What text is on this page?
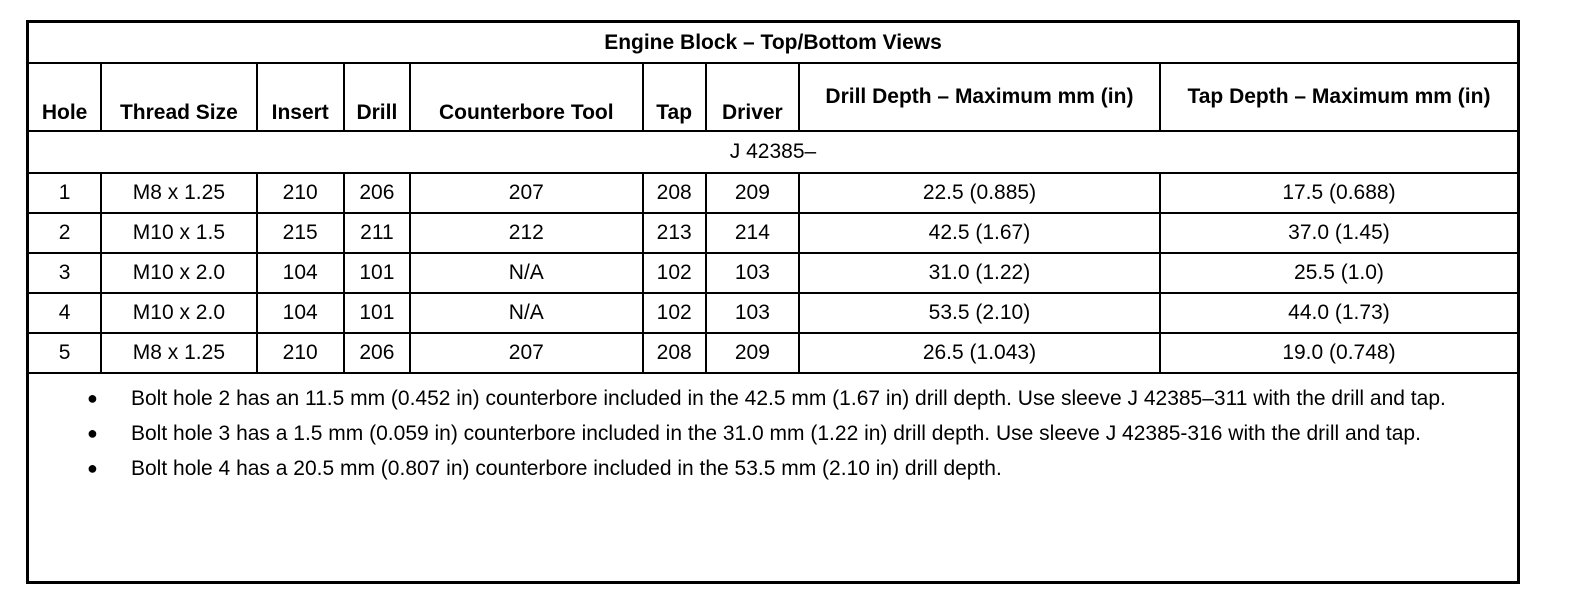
Engine Block – Top/Bottom Views								
Hole	Thread Size	Insert	Drill	Counterbore Tool	Tap	Driver	Drill Depth – Maximum mm (in)	Tap Depth – Maximum mm (in)
J 42385–								
1	M8 x 1.25	210	206	207	208	209	22.5 (0.885)	17.5 (0.688)
2	M10 x 1.5	215	211	212	213	214	42.5 (1.67)	37.0 (1.45)
3	M10 x 2.0	104	101	N/A	102	103	31.0 (1.22)	25.5 (1.0)
4	M10 x 2.0	104	101	N/A	102	103	53.5 (2.10)	44.0 (1.73)
5	M8 x 1.25	210	206	207	208	209	26.5 (1.043)	19.0 (0.748)
● Bolt hole 2 has an 11.5 mm (0.452 in) counterbore included in the 42.5 mm (1.67 in) drill depth. Use sleeve J 42385–311 with the drill and tap.
● Bolt hole 3 has a 1.5 mm (0.059 in) counterbore included in the 31.0 mm (1.22 in) drill depth. Use sleeve J 42385-316 with the drill and tap.
● Bolt hole 4 has a 20.5 mm (0.807 in) counterbore included in the 53.5 mm (2.10 in) drill depth.
